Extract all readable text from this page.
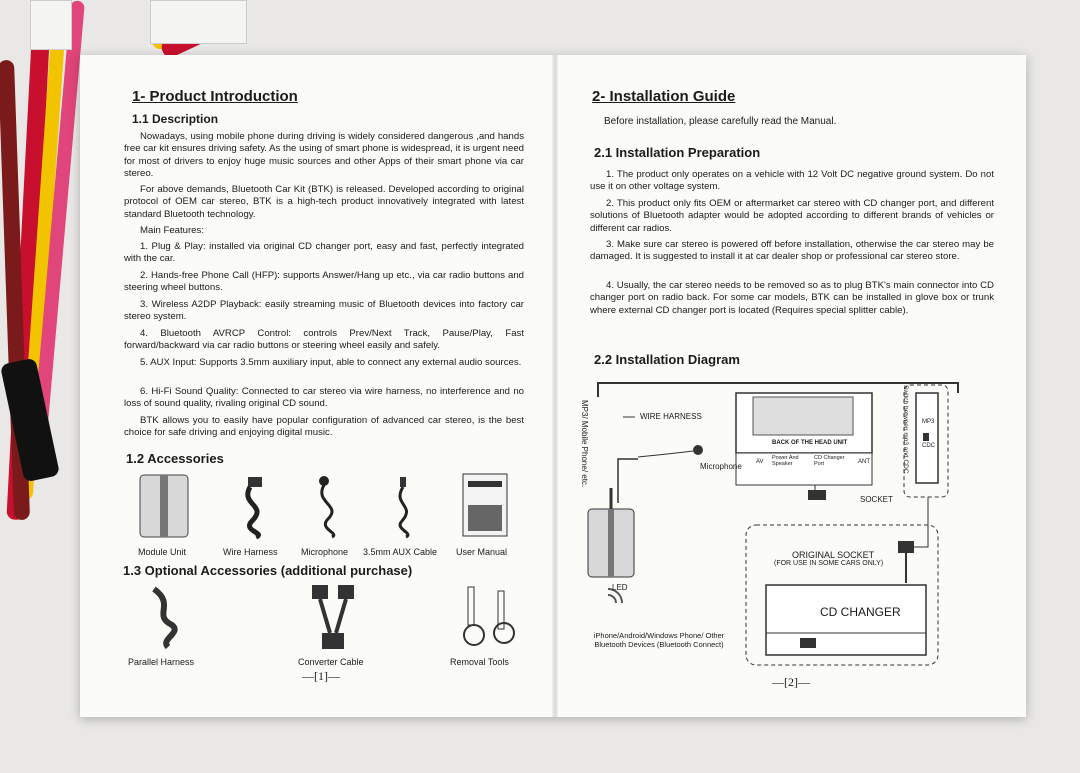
1- Product Introduction
1.1 Description

Nowadays, using mobile phone during driving is widely considered dangerous ,and hands free car kit ensures driving safety. As the using of smart phone is widespread, it is urgent need for most of drivers to enjoy huge music sources and other Apps of their smart phone via car stereo.

For above demands, Bluetooth Car Kit (BTK) is released. Developed according to original protocol of OEM car stereo, BTK is a high-tech product innovatively integrated with latest standard Bluetooth technology.

Main Features:

1. Plug & Play: installed via original CD changer port, easy and fast, perfectly integrated with the car.

2. Hands-free Phone Call (HFP): supports Answer/Hang up etc., via car radio buttons and steering wheel buttons.

3. Wireless A2DP Playback: easily streaming music of Bluetooth devices into factory car stereo system.

4. Bluetooth AVRCP Control: controls Prev/Next Track, Pause/Play, Fast forward/backward via car radio buttons or steering wheel easily and safely.

5. AUX Input: Supports 3.5mm auxiliary input, able to connect any external audio sources.

6. Hi-Fi Sound Quality: Connected to car stereo via wire harness, no interference and no loss of sound quality, rivaling original CD sound.

BTK allows you to easily have popular configuration of advanced car stereo, is the best choice for safe driving and enjoying digital music.

1.2 Accessories
Module Unit	Wire Harness	Microphone 3.5mm AUX Cable User Manual
1.3 Optional Accessories (additional purchase)
Parallel Harness	Converter Cable	Removal Tools
—[1]—
2- Installation Guide

Before installation, please carefully read the Manual.

2.1 Installation Preparation

1. The product only operates on a vehicle with 12 Volt DC negative ground system. Do not use it on other voltage system.

2. This product only fits OEM or aftermarket car stereo with CD changer port, and different solutions of Bluetooth adapter would be adopted according to different brands of vehicles or different car radios.

3. Make sure car stereo is powered off before installation, otherwise the car stereo may be damaged. It is suggested to install it at car dealer shop or professional car stereo store.

4. Usually, the car stereo needs to be removed so as to plug BTK's main connector into CD changer port on radio back. For some car models, BTK can be installed in glove box or trunk where external CD changer port is located (Requires special splitter cable).

2.2 Installation Diagram
MP3/ Mobile Phone/ etc.	WIRE HARNESS
Microphone
BACK OF THE HEAD UNIT
AV
Power And Speaker
CD Changer Port	ANT
SOCKET
Switch between mp3 and CDC MP3
CDC
LED
iPhone/Android/Windows Phone/ Other Bluetooth Devices (Bluetooth Connect)
ORIGINAL SOCKET
(FOR USE IN SOME CARS ONLY)
CD CHANGER
—[2]—
